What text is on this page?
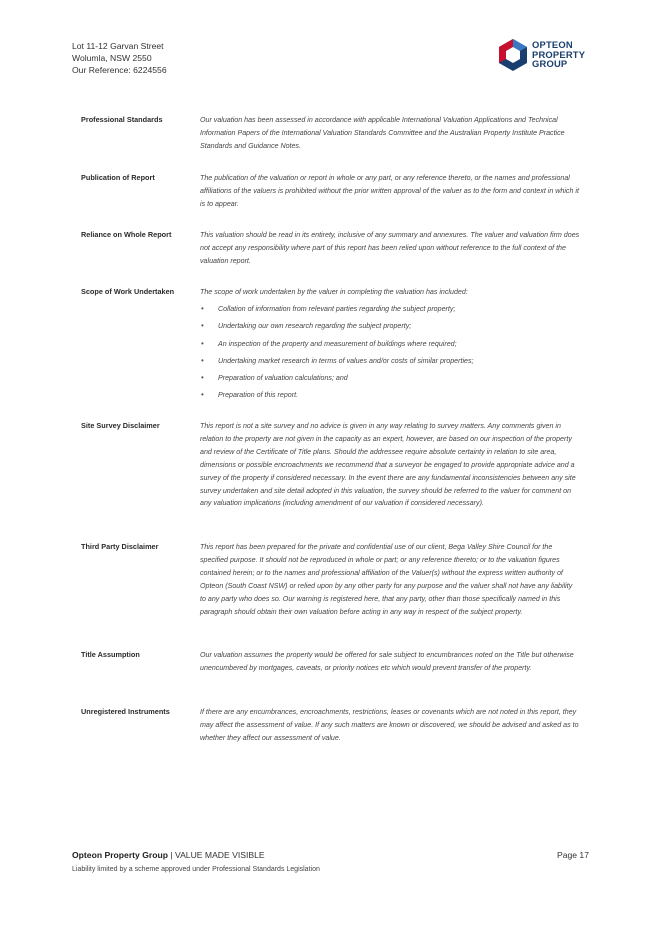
Lot 11-12 Garvan Street
Wolumla, NSW 2550
Our Reference: 6224556
OPTEON
PROPERTY
GROUP
Professional Standards	Our valuation has been assessed in accordance with applicable International Valuation Applications and Technical Information Papers of the International Valuation Standards Committee and the Australian Property Institute Practice Standards and Guidance Notes.
Publication of Report	The publication of the valuation or report in whole or any part, or any reference thereto, or the names and professional affiliations of the valuers is prohibited without the prior written approval of the valuer as to the form and context in which it is to appear.
Reliance on Whole Report	This valuation should be read in its entirety, inclusive of any summary and annexures. The valuer and valuation firm does not accept any responsibility where part of this report has been relied upon without reference to the full context of the valuation report.
Scope of Work Undertaken	The scope of work undertaken by the valuer in completing the valuation has included:
• Collation of information from relevant parties regarding the subject property;
• Undertaking our own research regarding the subject property;
• An inspection of the property and measurement of buildings where required;
• Undertaking market research in terms of values and/or costs of similar properties;
• Preparation of valuation calculations; and
• Preparation of this report.
Site Survey Disclaimer	This report is not a site survey and no advice is given in any way relating to survey matters. Any comments given in relation to the property are not given in the capacity as an expert, however, are based on our inspection of the property and review of the Certificate of Title plans. Should the addressee require absolute certainty in relation to site area, dimensions or possible encroachments we recommend that a surveyor be engaged to provide appropriate advice and a survey of the property if considered necessary. In the event there are any fundamental inconsistencies between any site survey undertaken and site detail adopted in this valuation, the survey should be referred to the valuer for comment on any valuation implications (including amendment of our valuation if considered necessary).
Third Party Disclaimer	This report has been prepared for the private and confidential use of our client, Bega Valley Shire Council for the specified purpose. It should not be reproduced in whole or part; or any reference thereto; or to the valuation figures contained herein; or to the names and professional affiliation of the Valuer(s) without the express written authority of Opteon (South Coast NSW) or relied upon by any other party for any purpose and the valuer shall not have any liability to any party who does so. Our warning is registered here, that any party, other than those specifically named in this paragraph should obtain their own valuation before acting in any way in respect of the subject property.
Title Assumption	Our valuation assumes the property would be offered for sale subject to encumbrances noted on the Title but otherwise unencumbered by mortgages, caveats, or priority notices etc which would prevent transfer of the property.
Unregistered Instruments	If there are any encumbrances, encroachments, restrictions, leases or covenants which are not noted in this report, they may affect the assessment of value. If any such matters are known or discovered, we should be advised and asked as to whether they affect our assessment of value.
Opteon Property Group | VALUE MADE VISIBLE
Liability limited by a scheme approved under Professional Standards Legislation
Page 17
